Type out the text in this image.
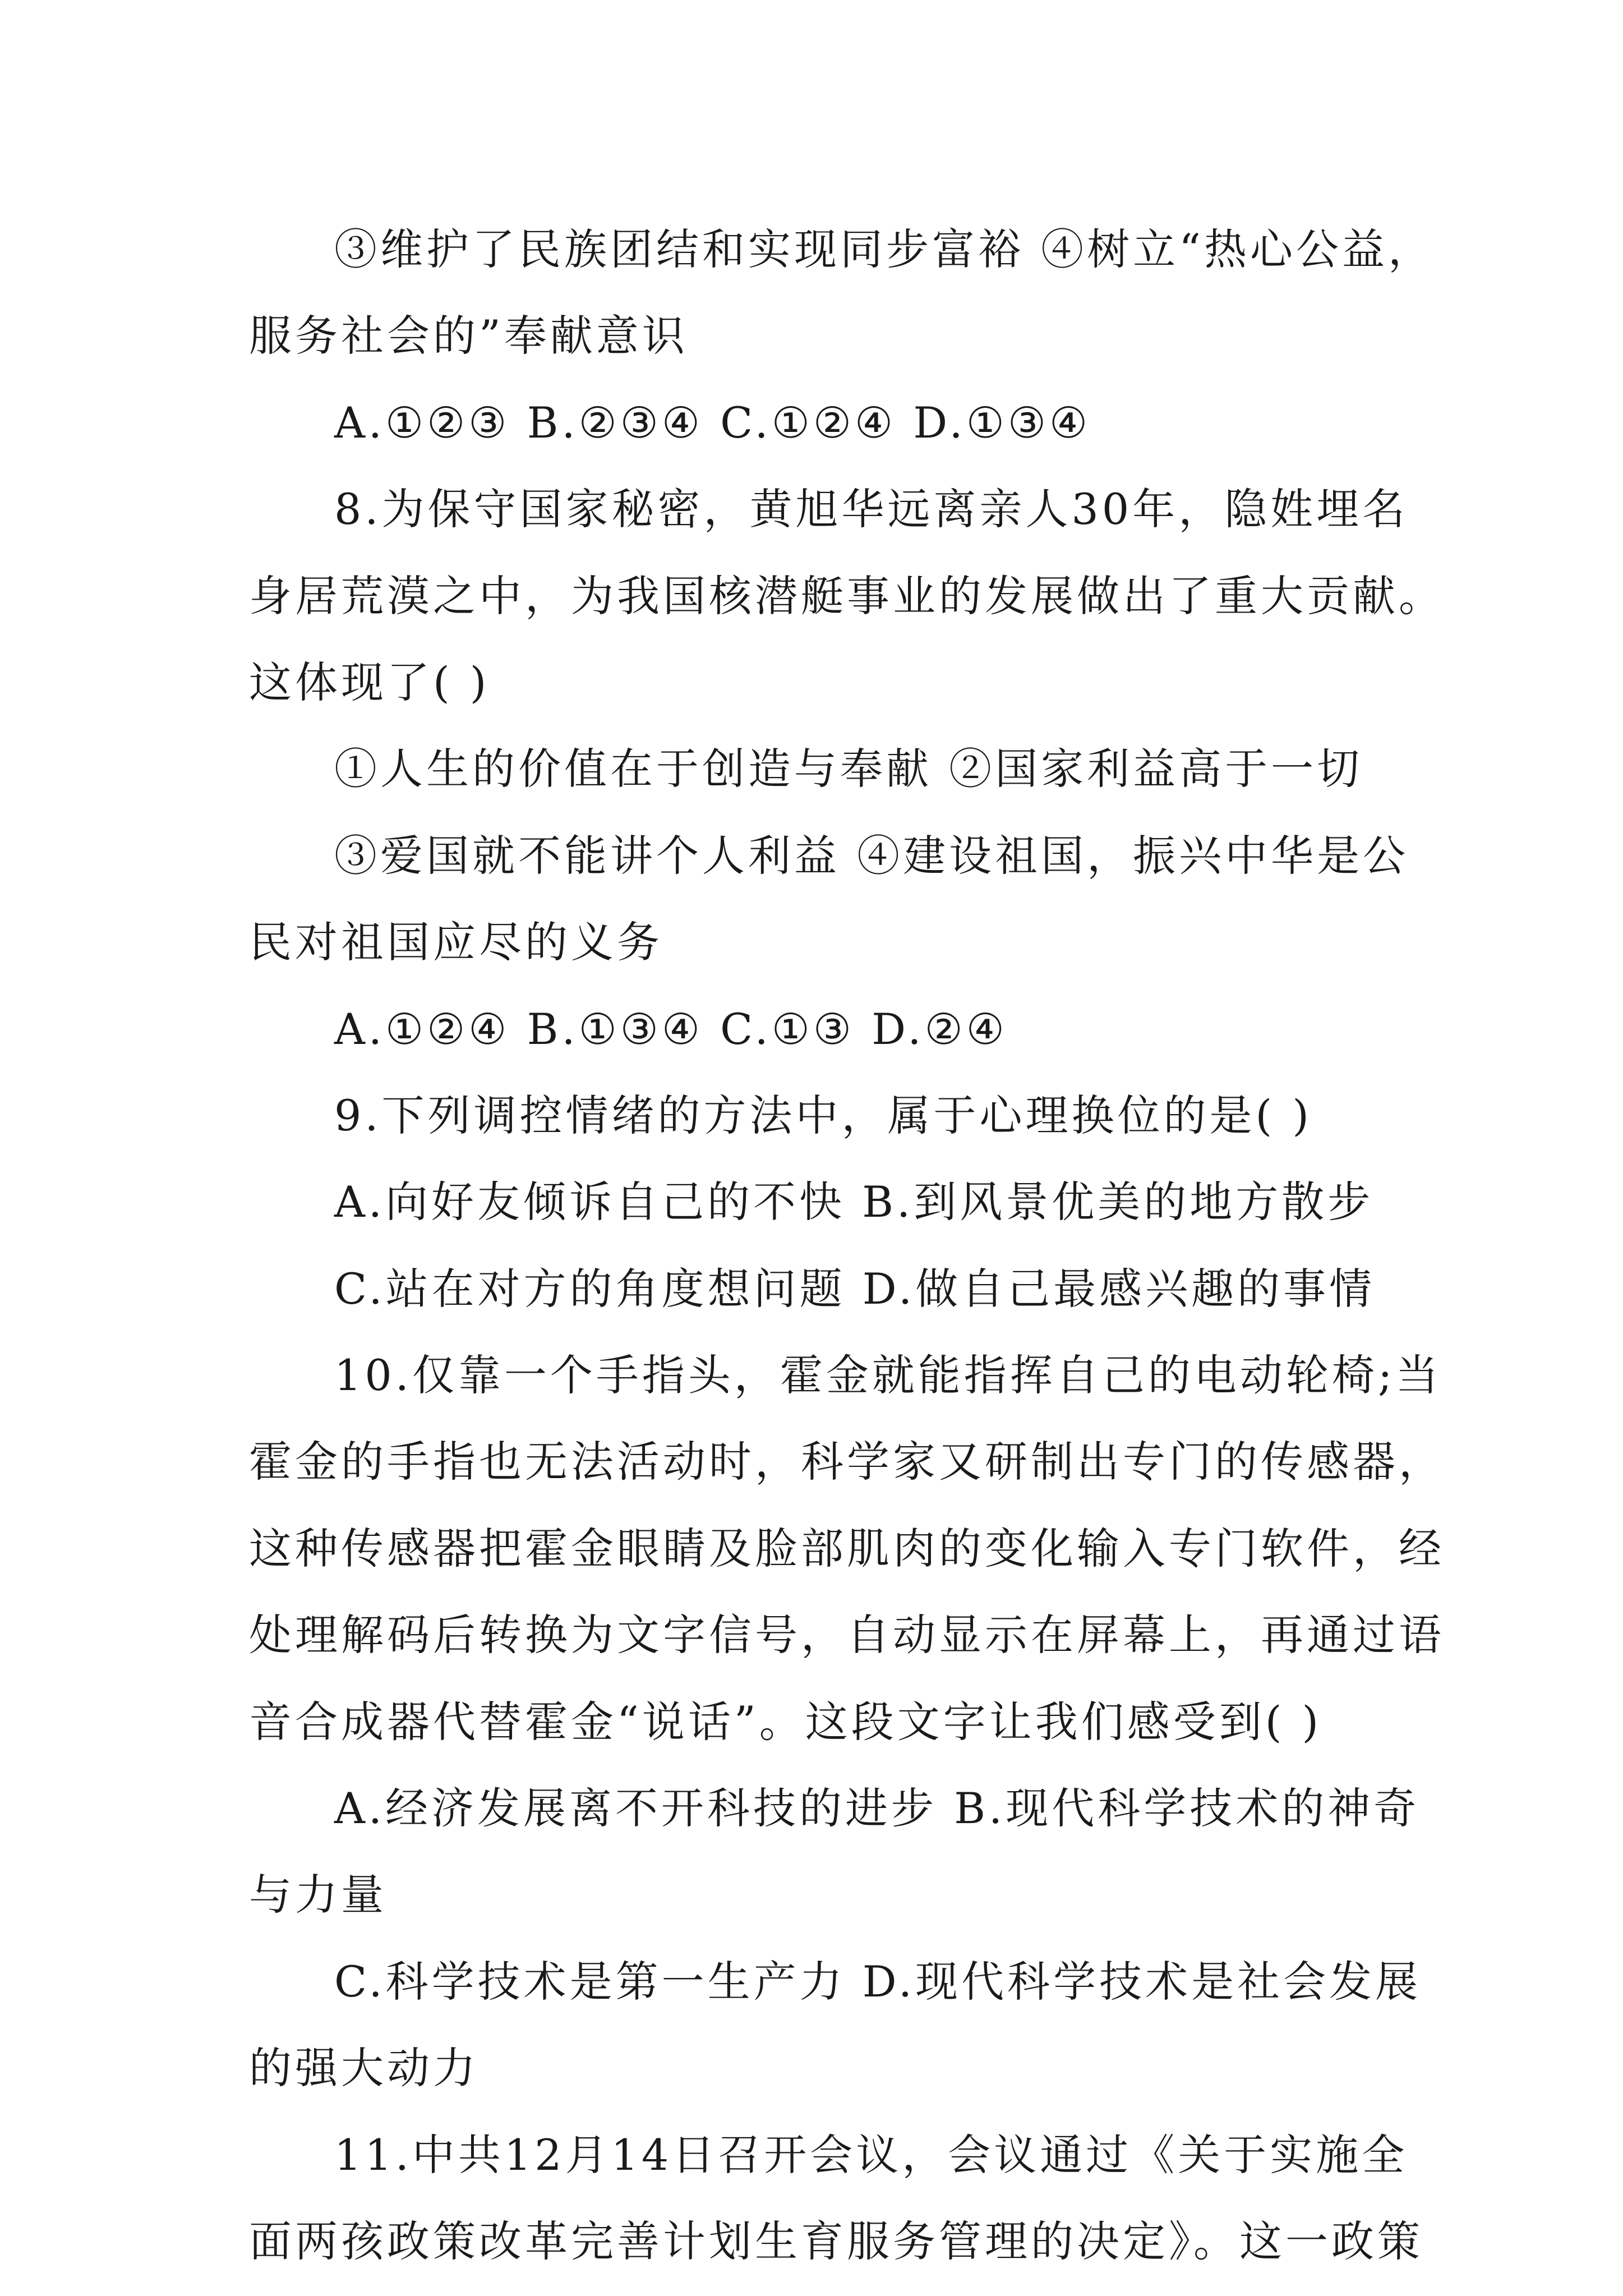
③维护了民族团结和实现同步富裕 ④树立“热心公益，
服务社会的”奉献意识
A.①②③ B.②③④ C.①②④ D.①③④
8.为保守国家秘密，黄旭华远离亲人30年，隐姓埋名
身居荒漠之中，为我国核潜艇事业的发展做出了重大贡献。
这体现了( )
①人生的价值在于创造与奉献 ②国家利益高于一切
③爱国就不能讲个人利益 ④建设祖国，振兴中华是公
民对祖国应尽的义务
A.①②④ B.①③④ C.①③ D.②④
9.下列调控情绪的方法中，属于心理换位的是( )
A.向好友倾诉自己的不快 B.到风景优美的地方散步
C.站在对方的角度想问题 D.做自己最感兴趣的事情
10.仅靠一个手指头，霍金就能指挥自己的电动轮椅;当
霍金的手指也无法活动时，科学家又研制出专门的传感器，
这种传感器把霍金眼睛及脸部肌肉的变化输入专门软件，经
处理解码后转换为文字信号，自动显示在屏幕上，再通过语
音合成器代替霍金“说话”。这段文字让我们感受到( )
A.经济发展离不开科技的进步 B.现代科学技术的神奇
与力量
C.科学技术是第一生产力 D.现代科学技术是社会发展
的强大动力
11.中共12月14日召开会议，会议通过《关于实施全
面两孩政策改革完善计划生育服务管理的决定》。这一政策
